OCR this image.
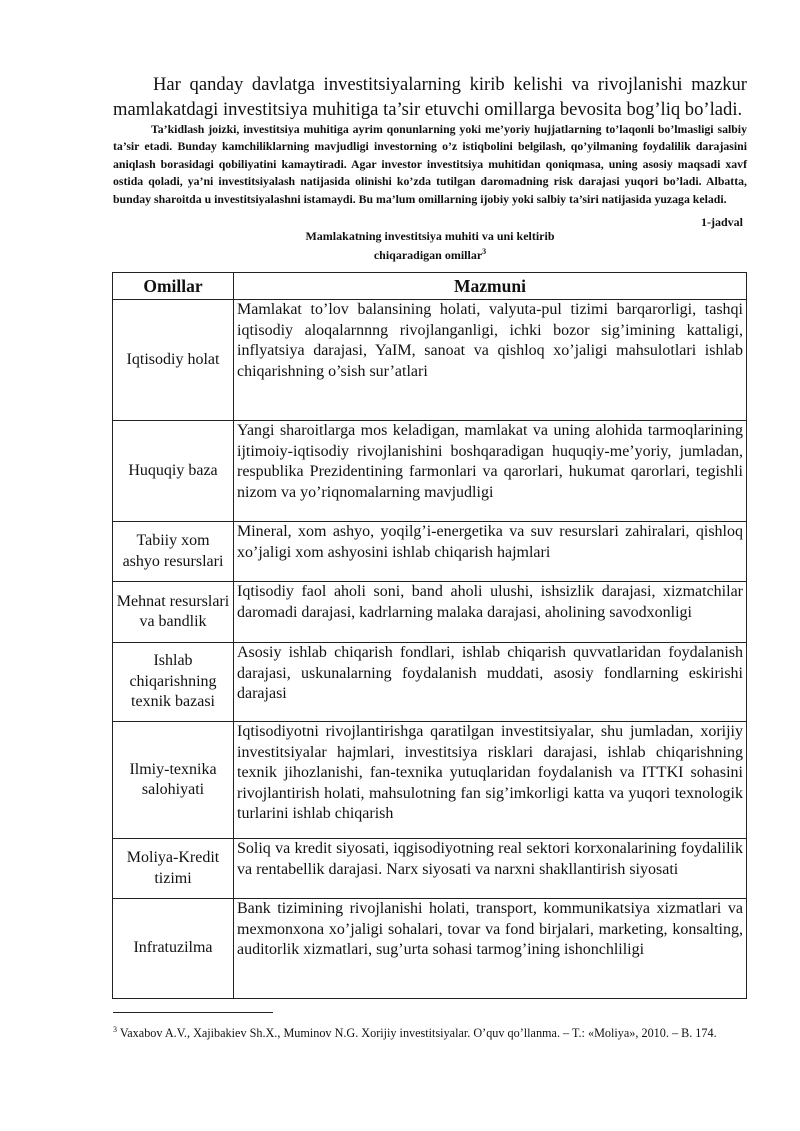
Har qanday davlatga investitsiyalarning kirib kelishi va rivojlanishi mazkur mamlakatdagi investitsiya muhitiga ta’sir etuvchi omillarga bevosita bog’liq bo’ladi.

Ta’kidlash joizki, investitsiya muhitiga ayrim qonunlarning yoki me’yoriy hujjatlarning to’laqonli bo’lmasligi salbiy ta’sir etadi. Bunday kamchiliklarning mavjudligi investorning o’z istiqbolini belgilash, qo’yilmaning foydalilik darajasini aniqlash borasidagi qobiliyatini kamaytiradi. Agar investor investitsiya muhitidan qoniqmasa, uning asosiy maqsadi xavf ostida qoladi, ya’ni investitsiyalash natijasida olinishi ko’zda tutilgan daromadning risk darajasi yuqori bo’ladi. Albatta, bunday sharoitda u investitsiyalashni istamaydi. Bu ma’lum omillarning ijobiy yoki salbiy ta’siri natijasida yuzaga keladi.

1-jadval

Mamlakatning investitsiya muhiti va uni keltirib
chiqaradigan omillar$^3$

Omillar	Mazmuni
Iqtisodiy holat	Mamlakat to’lov balansining holati, valyuta-pul tizimi barqarorligi, tashqi iqtisodiy aloqalarnnng rivojlanganligi, ichki bozor sig’imining kattaligi, inflyatsiya darajasi, YaIM, sanoat va qishloq xo’jaligi mahsulotlari ishlab chiqarishning o’sish sur’atlari
Huquqiy baza	Yangi sharoitlarga mos keladigan, mamlakat va uning alohida tarmoqlarining ijtimoiy-iqtisodiy rivojlanishini boshqaradigan huquqiy-me’yoriy, jumladan, respublika Prezidentining farmonlari va qarorlari, hukumat qarorlari, tegishli nizom va yo’riqnomalarning mavjudligi
Tabiiy xom ashyo resurslari	Mineral, xom ashyo, yoqilg’i-energetika va suv resurslari zahiralari, qishloq xo’jaligi xom ashyosini ishlab chiqarish hajmlari
Mehnat resurslari va bandlik	Iqtisodiy faol aholi soni, band aholi ulushi, ishsizlik darajasi, xizmatchilar daromadi darajasi, kadrlarning malaka darajasi, aholining savodxonligi
Ishlab chiqarishning texnik bazasi	Asosiy ishlab chiqarish fondlari, ishlab chiqarish quvvatlaridan foydalanish darajasi, uskunalarning foydalanish muddati, asosiy fondlarning eskirishi darajasi
Ilmiy-texnika salohiyati	Iqtisodiyotni rivojlantirishga qaratilgan investitsiyalar, shu jumladan, xorijiy investitsiyalar hajmlari, investitsiya risklari darajasi, ishlab chiqarishning texnik jihozlanishi, fan-texnika yutuqlaridan foydalanish va ITTKI sohasini rivojlantirish holati, mahsulotning fan sig’imkorligi katta va yuqori texnologik turlarini ishlab chiqarish
Moliya-Kredit tizimi	Soliq va kredit siyosati, iqgisodiyotning real sektori korxonalarining foydalilik va rentabellik darajasi. Narx siyosati va narxni shakllantirish siyosati
Infratuzilma	Bank tizimining rivojlanishi holati, transport, kommunikatsiya xizmatlari va mexmonxona xo’jaligi sohalari, tovar va fond birjalari, marketing, konsalting, auditorlik xizmatlari, sug’urta sohasi tarmog’ining ishonchliligi

$^3$ Vaxabov A.V., Xajibakiev Sh.X., Muminov N.G. Xorijiy investitsiyalar. O’quv qo’llanma. – T.: «Moliya», 2010. – B. 174.
